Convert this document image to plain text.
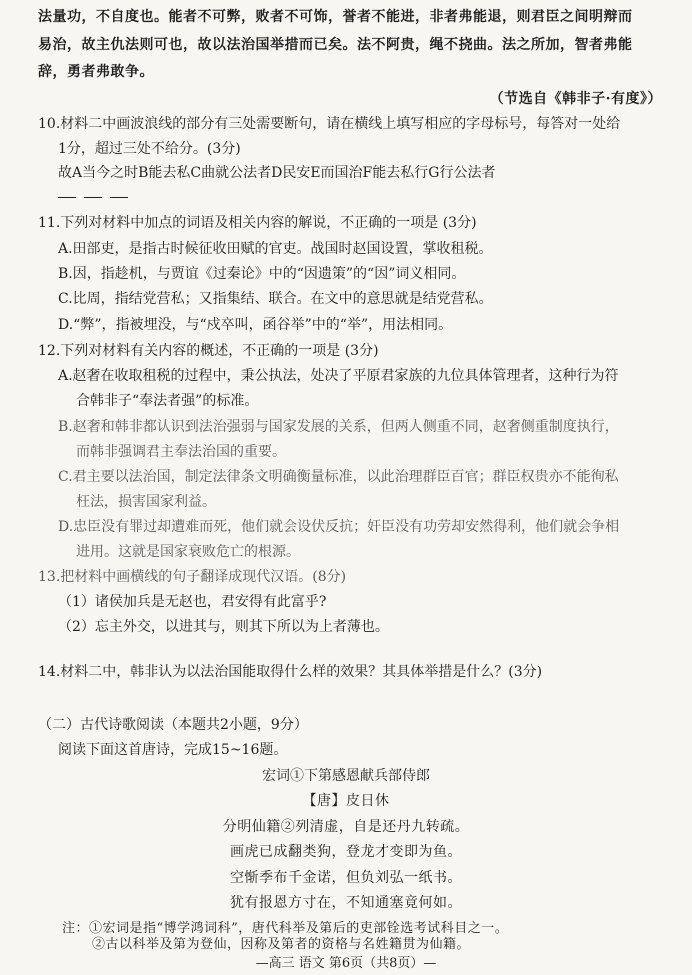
法量功，不自度也。能者不可弊，败者不可饰，誉者不能进，非者弗能退，则君臣之间明辩而
易治，故主仇法则可也，故以法治国举措而已矣。法不阿贵，绳不挠曲。法之所加，智者弗能
辞，勇者弗敢争。
（节选自《韩非子·有度》）
10.材料二中画波浪线的部分有三处需要断句，请在横线上填写相应的字母标号，每答对一处给
1分，超过三处不给分。(3分)
故A当今之时B能去私C曲就公法者D民安E而国治F能去私行G行公法者
11.下列对材料中加点的词语及相关内容的解说，不正确的一项是 (3分)
A.田部吏，是指古时候征收田赋的官吏。战国时赵国设置，掌收租税。
B.因，指趁机，与贾谊《过秦论》中的“因遗策”的“因”词义相同。
C.比周，指结党营私；又指集结、联合。在文中的意思就是结党营私。
D.“弊”，指被埋没，与“戍卒叫，函谷举”中的“举”，用法相同。
12.下列对材料有关内容的概述，不正确的一项是 (3分)
A.赵奢在收取租税的过程中，秉公执法，处决了平原君家族的九位具体管理者，这种行为符
合韩非子“奉法者强”的标准。
B.赵奢和韩非都认识到法治强弱与国家发展的关系，但两人侧重不同，赵奢侧重制度执行，
而韩非强调君主奉法治国的重要。
C.君主要以法治国，制定法律条文明确衡量标准，以此治理群臣百官；群臣权贵亦不能徇私
枉法，损害国家利益。
D.忠臣没有罪过却遭难而死，他们就会设伏反抗；奸臣没有功劳却安然得利，他们就会争相
进用。这就是国家衰败危亡的根源。
13.把材料中画横线的句子翻译成现代汉语。(8分)
（1）诸侯加兵是无赵也，君安得有此富乎?
（2）忘主外交，以进其与，则其下所以为上者薄也。
14.材料二中，韩非认为以法治国能取得什么样的效果？其具体举措是什么？(3分)
（二）古代诗歌阅读（本题共2小题，9分）
阅读下面这首唐诗，完成15~16题。
宏词①下第感恩献兵部侍郎
【唐】皮日休
分明仙籍②列清虚，自是还丹九转疏。
画虎已成翻类狗，登龙才变即为鱼。
空惭季布千金诺，但负刘弘一纸书。
犹有报恩方寸在，不知通塞竟何如。
注：①宏词是指“博学鸿词科”，唐代科举及第后的吏部铨选考试科目之一。
②古以科举及第为登仙，因称及第者的资格与名姓籍贯为仙籍。
—高三 语文 第6页（共8页）—
